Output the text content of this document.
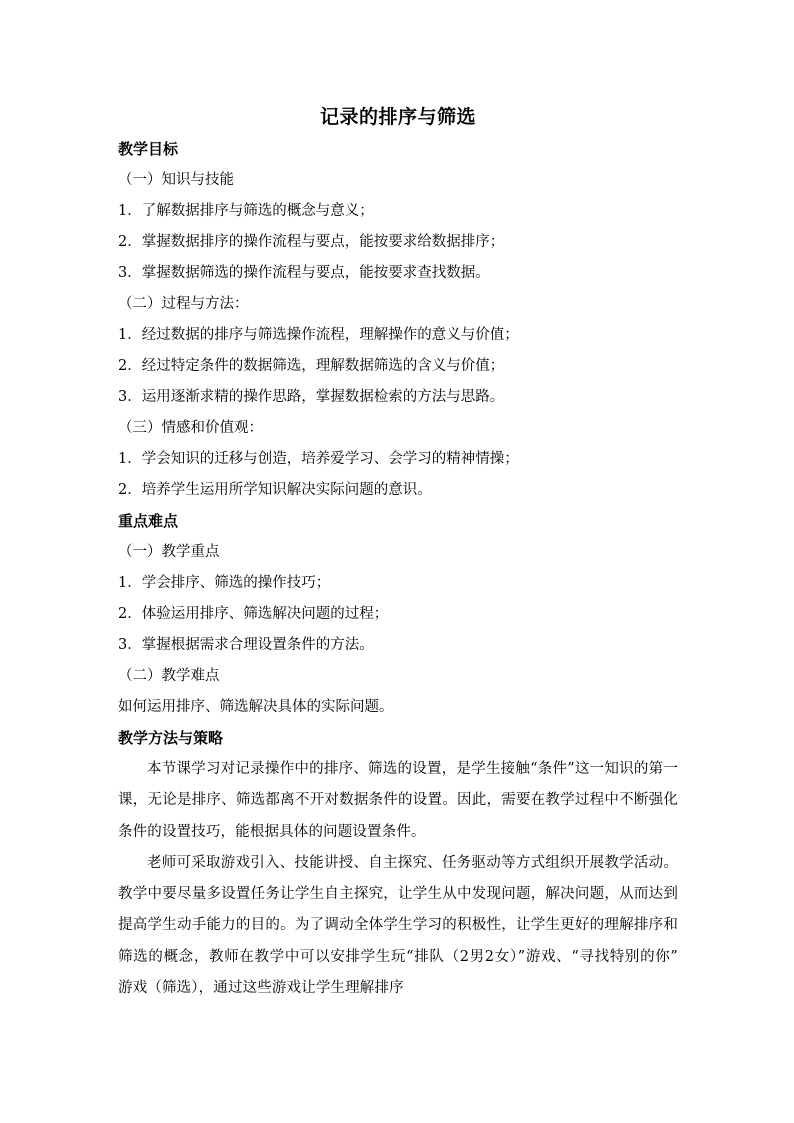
记录的排序与筛选
教学目标
（一）知识与技能
1．了解数据排序与筛选的概念与意义；
2．掌握数据排序的操作流程与要点，能按要求给数据排序；
3．掌握数据筛选的操作流程与要点，能按要求查找数据。
（二）过程与方法：
1．经过数据的排序与筛选操作流程，理解操作的意义与价值；
2．经过特定条件的数据筛选，理解数据筛选的含义与价值；
3．运用逐渐求精的操作思路，掌握数据检索的方法与思路。
（三）情感和价值观：
1．学会知识的迁移与创造，培养爱学习、会学习的精神情操；
2．培养学生运用所学知识解决实际问题的意识。
重点难点
（一）教学重点
1．学会排序、筛选的操作技巧；
2．体验运用排序、筛选解决问题的过程；
3．掌握根据需求合理设置条件的方法。
（二）教学难点
如何运用排序、筛选解决具体的实际问题。
教学方法与策略

本节课学习对记录操作中的排序、筛选的设置，是学生接触“条件”这一知识的第一课，无论是排序、筛选都离不开对数据条件的设置。因此，需要在教学过程中不断强化条件的设置技巧，能根据具体的问题设置条件。

老师可采取游戏引入、技能讲授、自主探究、任务驱动等方式组织开展教学活动。教学中要尽量多设置任务让学生自主探究，让学生从中发现问题，解决问题，从而达到提高学生动手能力的目的。为了调动全体学生学习的积极性，让学生更好的理解排序和筛选的概念，教师在教学中可以安排学生玩“排队（2男2女）”游戏、“寻找特别的你”　游戏（筛选），通过这些游戏让学生理解排序
